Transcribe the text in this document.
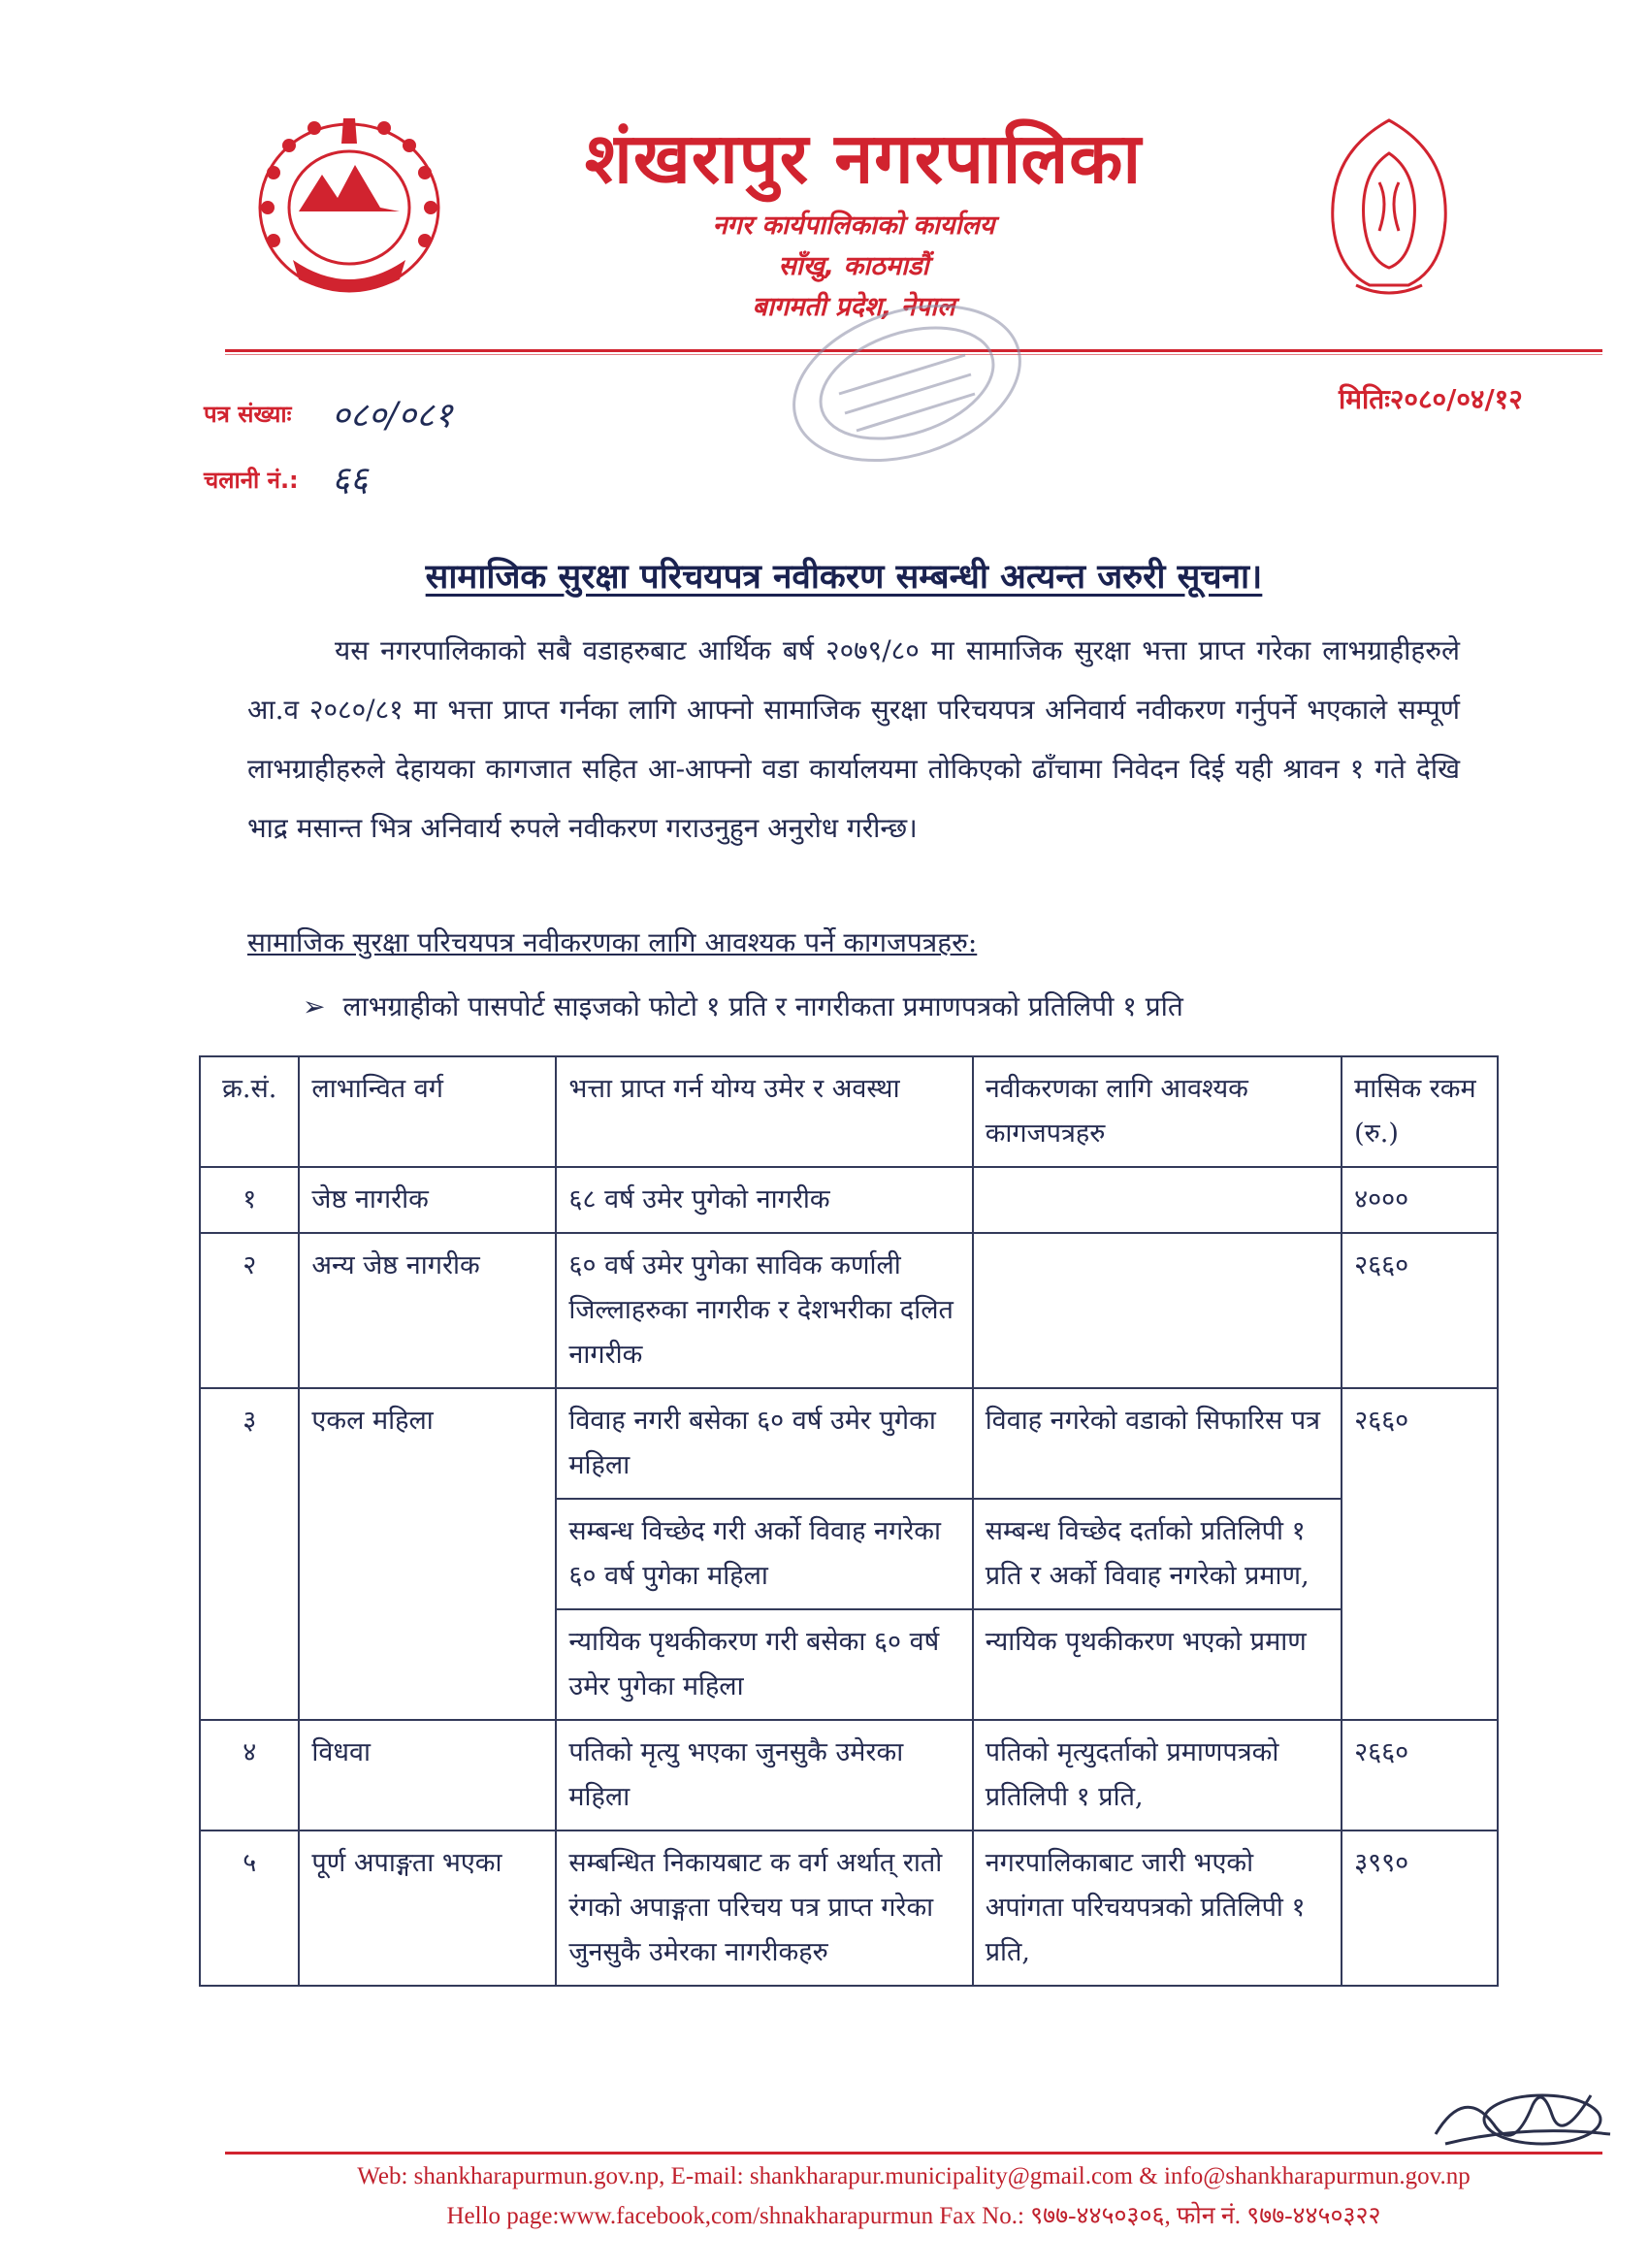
शंखरापुर नगरपालिका
नगर कार्यपालिकाको कार्यालय
साँखु, काठमाडौं
बागमती प्रदेश, नेपाल
पत्र संख्याः ०८०/०८१
चलानी नं.: ६६
मितिः२०८०/०४/१२
सामाजिक सुरक्षा परिचयपत्र नवीकरण सम्बन्धी अत्यन्त जरुरी सूचना।
यस नगरपालिकाको सबै वडाहरुबाट आर्थिक बर्ष २०७९/८० मा सामाजिक सुरक्षा भत्ता प्राप्त गरेका लाभग्राहीहरुले आ.व २०८०/८१ मा भत्ता प्राप्त गर्नका लागि आफ्नो सामाजिक सुरक्षा परिचयपत्र अनिवार्य नवीकरण गर्नुपर्ने भएकाले सम्पूर्ण लाभग्राहीहरुले देहायका कागजात सहित आ-आफ्नो वडा कार्यालयमा तोकिएको ढाँचामा निवेदन दिई यही श्रावन १ गते देखि भाद्र मसान्त भित्र अनिवार्य रुपले नवीकरण गराउनुहुन अनुरोध गरीन्छ।
सामाजिक सुरक्षा परिचयपत्र नवीकरणका लागि आवश्यक पर्ने कागजपत्रहरु:
➢ लाभग्राहीको पासपोर्ट साइजको फोटो १ प्रति र नागरीकता प्रमाणपत्रको प्रतिलिपी १ प्रति
क्र.सं.	लाभान्वित वर्ग	भत्ता प्राप्त गर्न योग्य उमेर र अवस्था	नवीकरणका लागि आवश्यक कागजपत्रहरु	मासिक रकम (रु.)
१	जेष्ठ नागरीक	६८ वर्ष उमेर पुगेको नागरीक		४०००
२	अन्य जेष्ठ नागरीक	६० वर्ष उमेर पुगेका साविक कर्णाली जिल्लाहरुका नागरीक र देशभरीका दलित नागरीक		२६६०
३	एकल महिला	विवाह नगरी बसेका ६० वर्ष उमेर पुगेका महिला	विवाह नगरेको वडाको सिफारिस पत्र	२६६०
		सम्बन्ध विच्छेद गरी अर्को विवाह नगरेका ६० वर्ष पुगेका महिला	सम्बन्ध विच्छेद दर्ताको प्रतिलिपी १ प्रति र अर्को विवाह नगरेको प्रमाण,	
		न्यायिक पृथकीकरण गरी बसेका ६० वर्ष उमेर पुगेका महिला	न्यायिक पृथकीकरण भएको प्रमाण	
४	विधवा	पतिको मृत्यु भएका जुनसुकै उमेरका महिला	पतिको मृत्युदर्ताको प्रमाणपत्रको प्रतिलिपी १ प्रति,	२६६०
५	पूर्ण अपाङ्गता भएका	सम्बन्धित निकायबाट क वर्ग अर्थात् रातो रंगको अपाङ्गता परिचय पत्र प्राप्त गरेका जुनसुकै उमेरका नागरीकहरु	नगरपालिकाबाट जारी भएको अपांगता परिचयपत्रको प्रतिलिपी १ प्रति,	३९९०
Web: shankharapurmun.gov.np, E-mail: shankharapur.municipality@gmail.com & info@shankharapurmun.gov.np
Hello page:www.facebook,com/shnakharapurmun Fax No.: ९७७-४४५०३०६, फोन नं. ९७७-४४५०३२२
